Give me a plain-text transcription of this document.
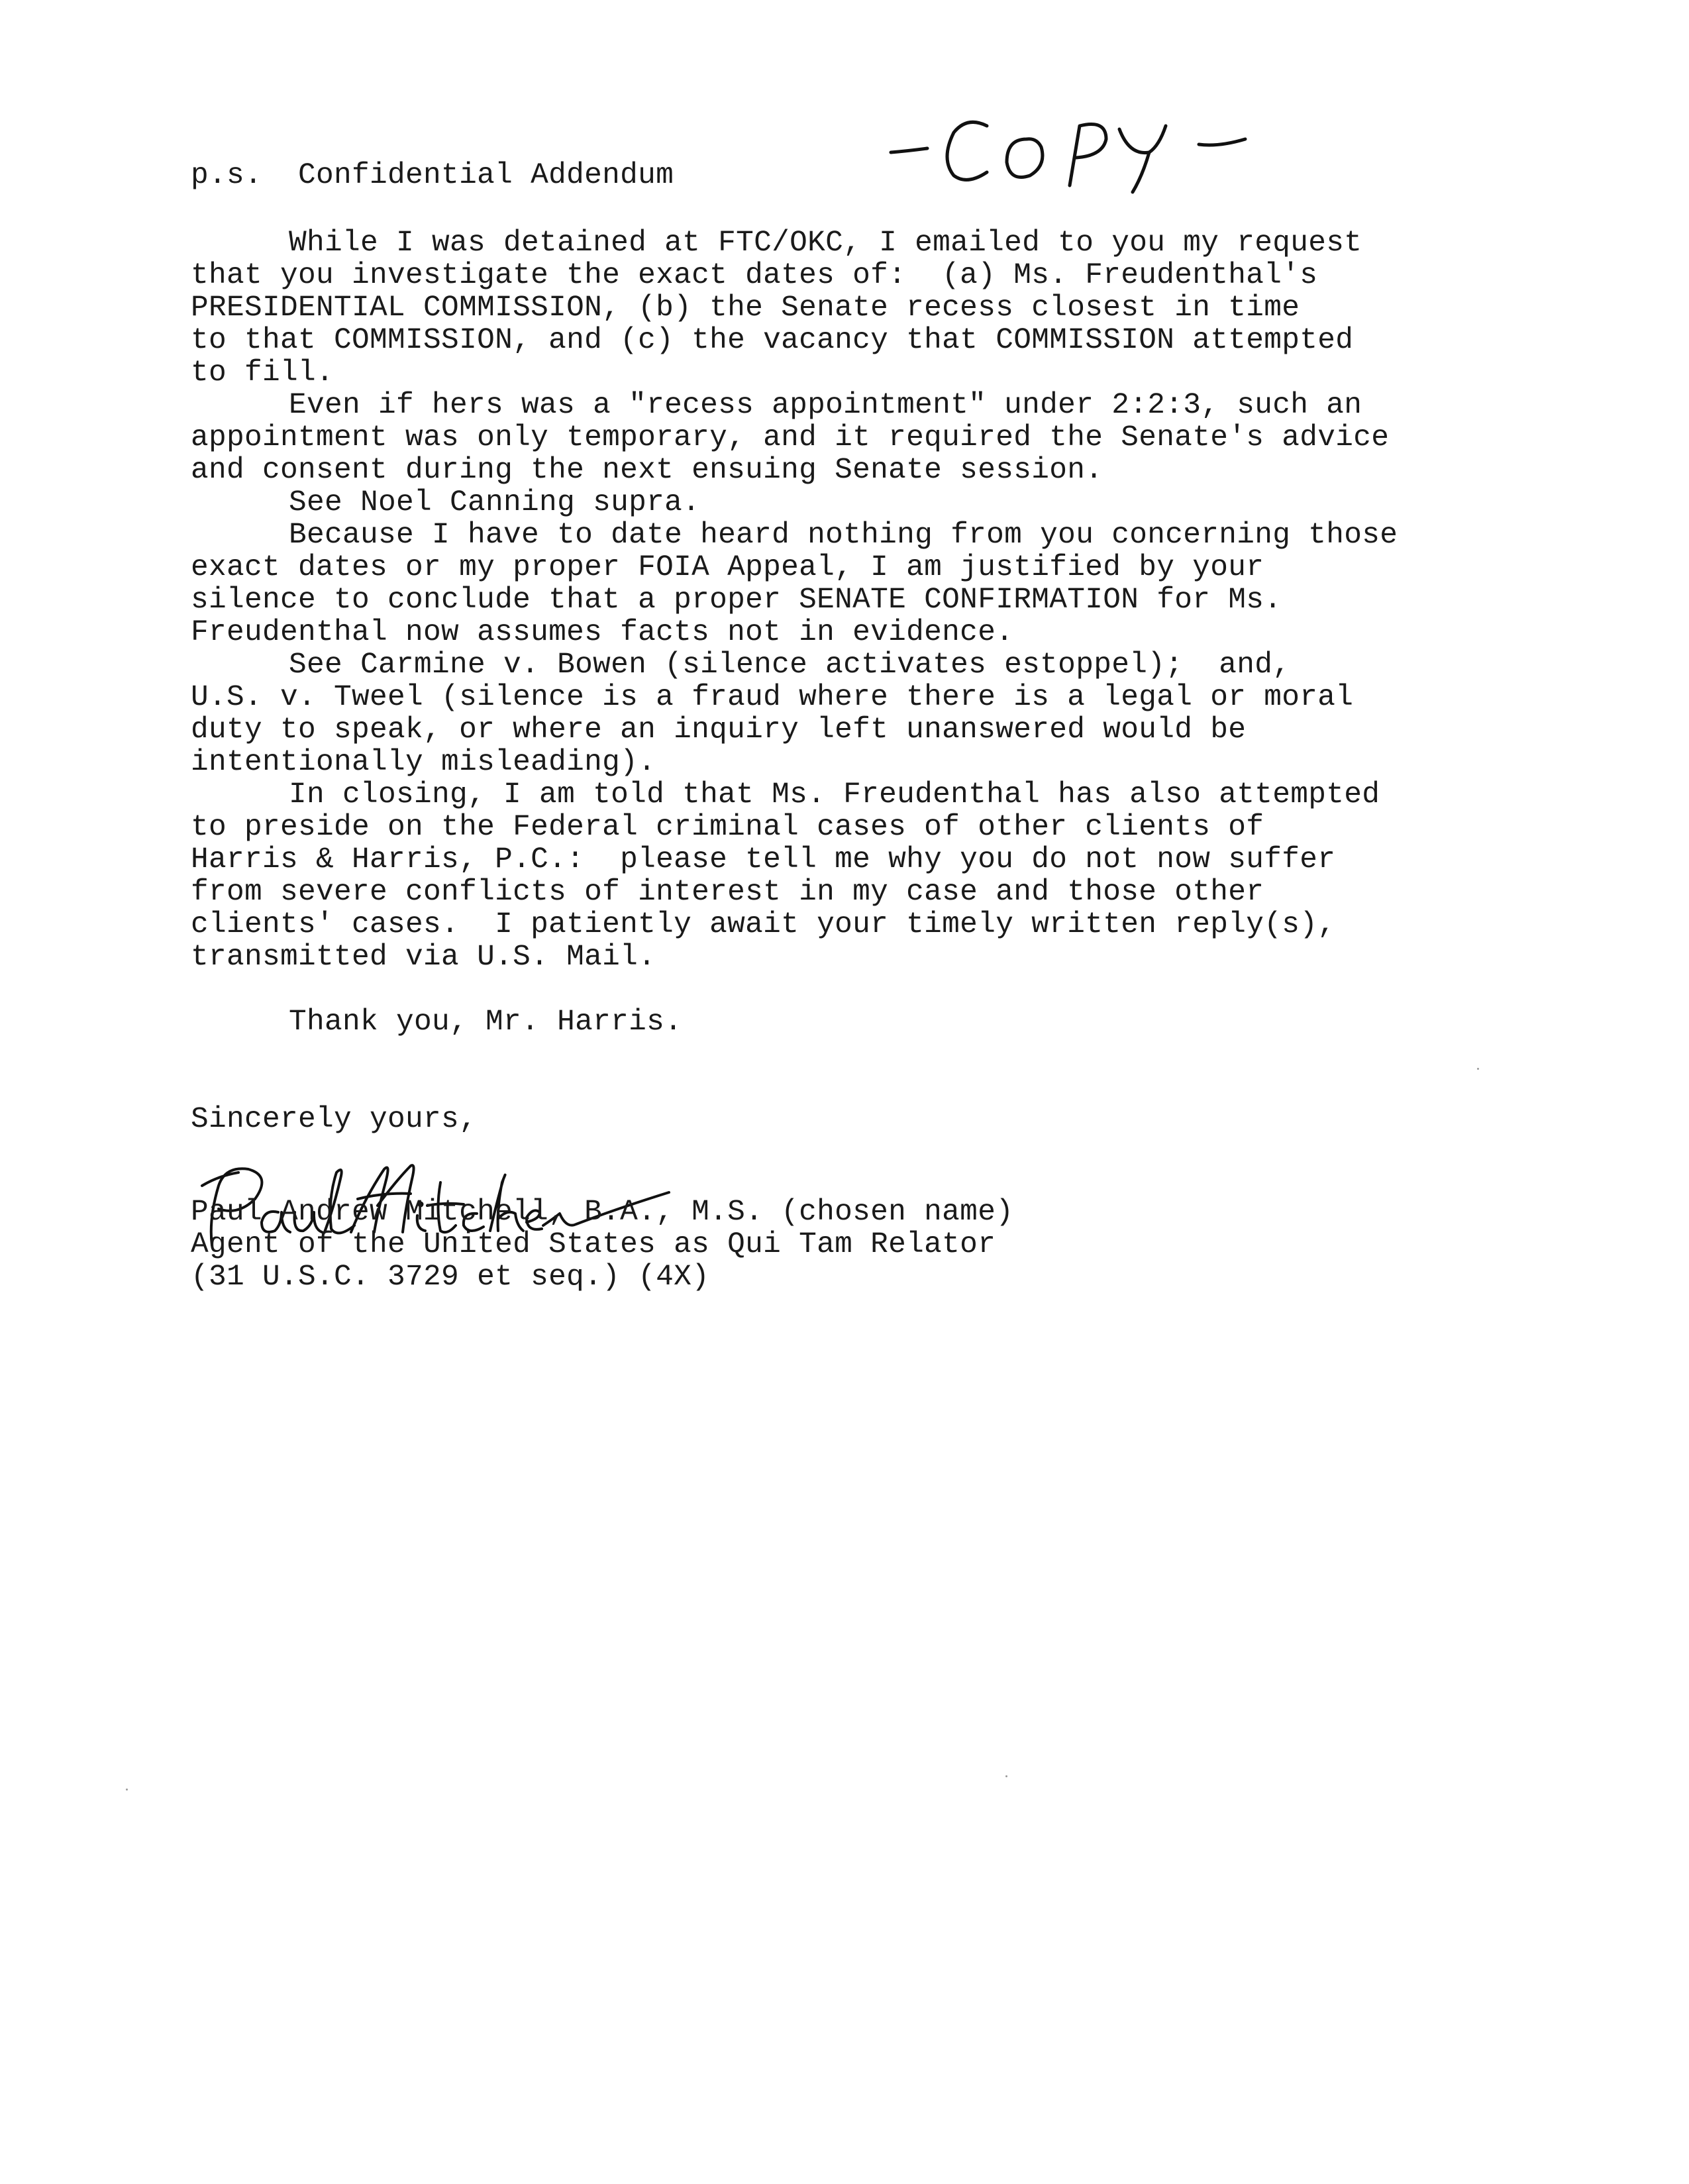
p.s.  Confidential Addendum
While I was detained at FTC/OKC, I emailed to you my request
that you investigate the exact dates of:  (a) Ms. Freudenthal's
PRESIDENTIAL COMMISSION, (b) the Senate recess closest in time
to that COMMISSION, and (c) the vacancy that COMMISSION attempted
to fill.
Even if hers was a "recess appointment" under 2:2:3, such an
appointment was only temporary, and it required the Senate's advice
and consent during the next ensuing Senate session.
See Noel Canning supra.
Because I have to date heard nothing from you concerning those
exact dates or my proper FOIA Appeal, I am justified by your
silence to conclude that a proper SENATE CONFIRMATION for Ms.
Freudenthal now assumes facts not in evidence.
See Carmine v. Bowen (silence activates estoppel);  and,
U.S. v. Tweel (silence is a fraud where there is a legal or moral
duty to speak, or where an inquiry left unanswered would be
intentionally misleading).
In closing, I am told that Ms. Freudenthal has also attempted
to preside on the Federal criminal cases of other clients of
Harris & Harris, P.C.:  please tell me why you do not now suffer
from severe conflicts of interest in my case and those other
clients' cases.  I patiently await your timely written reply(s),
transmitted via U.S. Mail.
Thank you, Mr. Harris.
Sincerely yours,
Paul Andrew Mitchell, B.A., M.S. (chosen name)
Agent of the United States as Qui Tam Relator
(31 U.S.C. 3729 et seq.) (4X)
